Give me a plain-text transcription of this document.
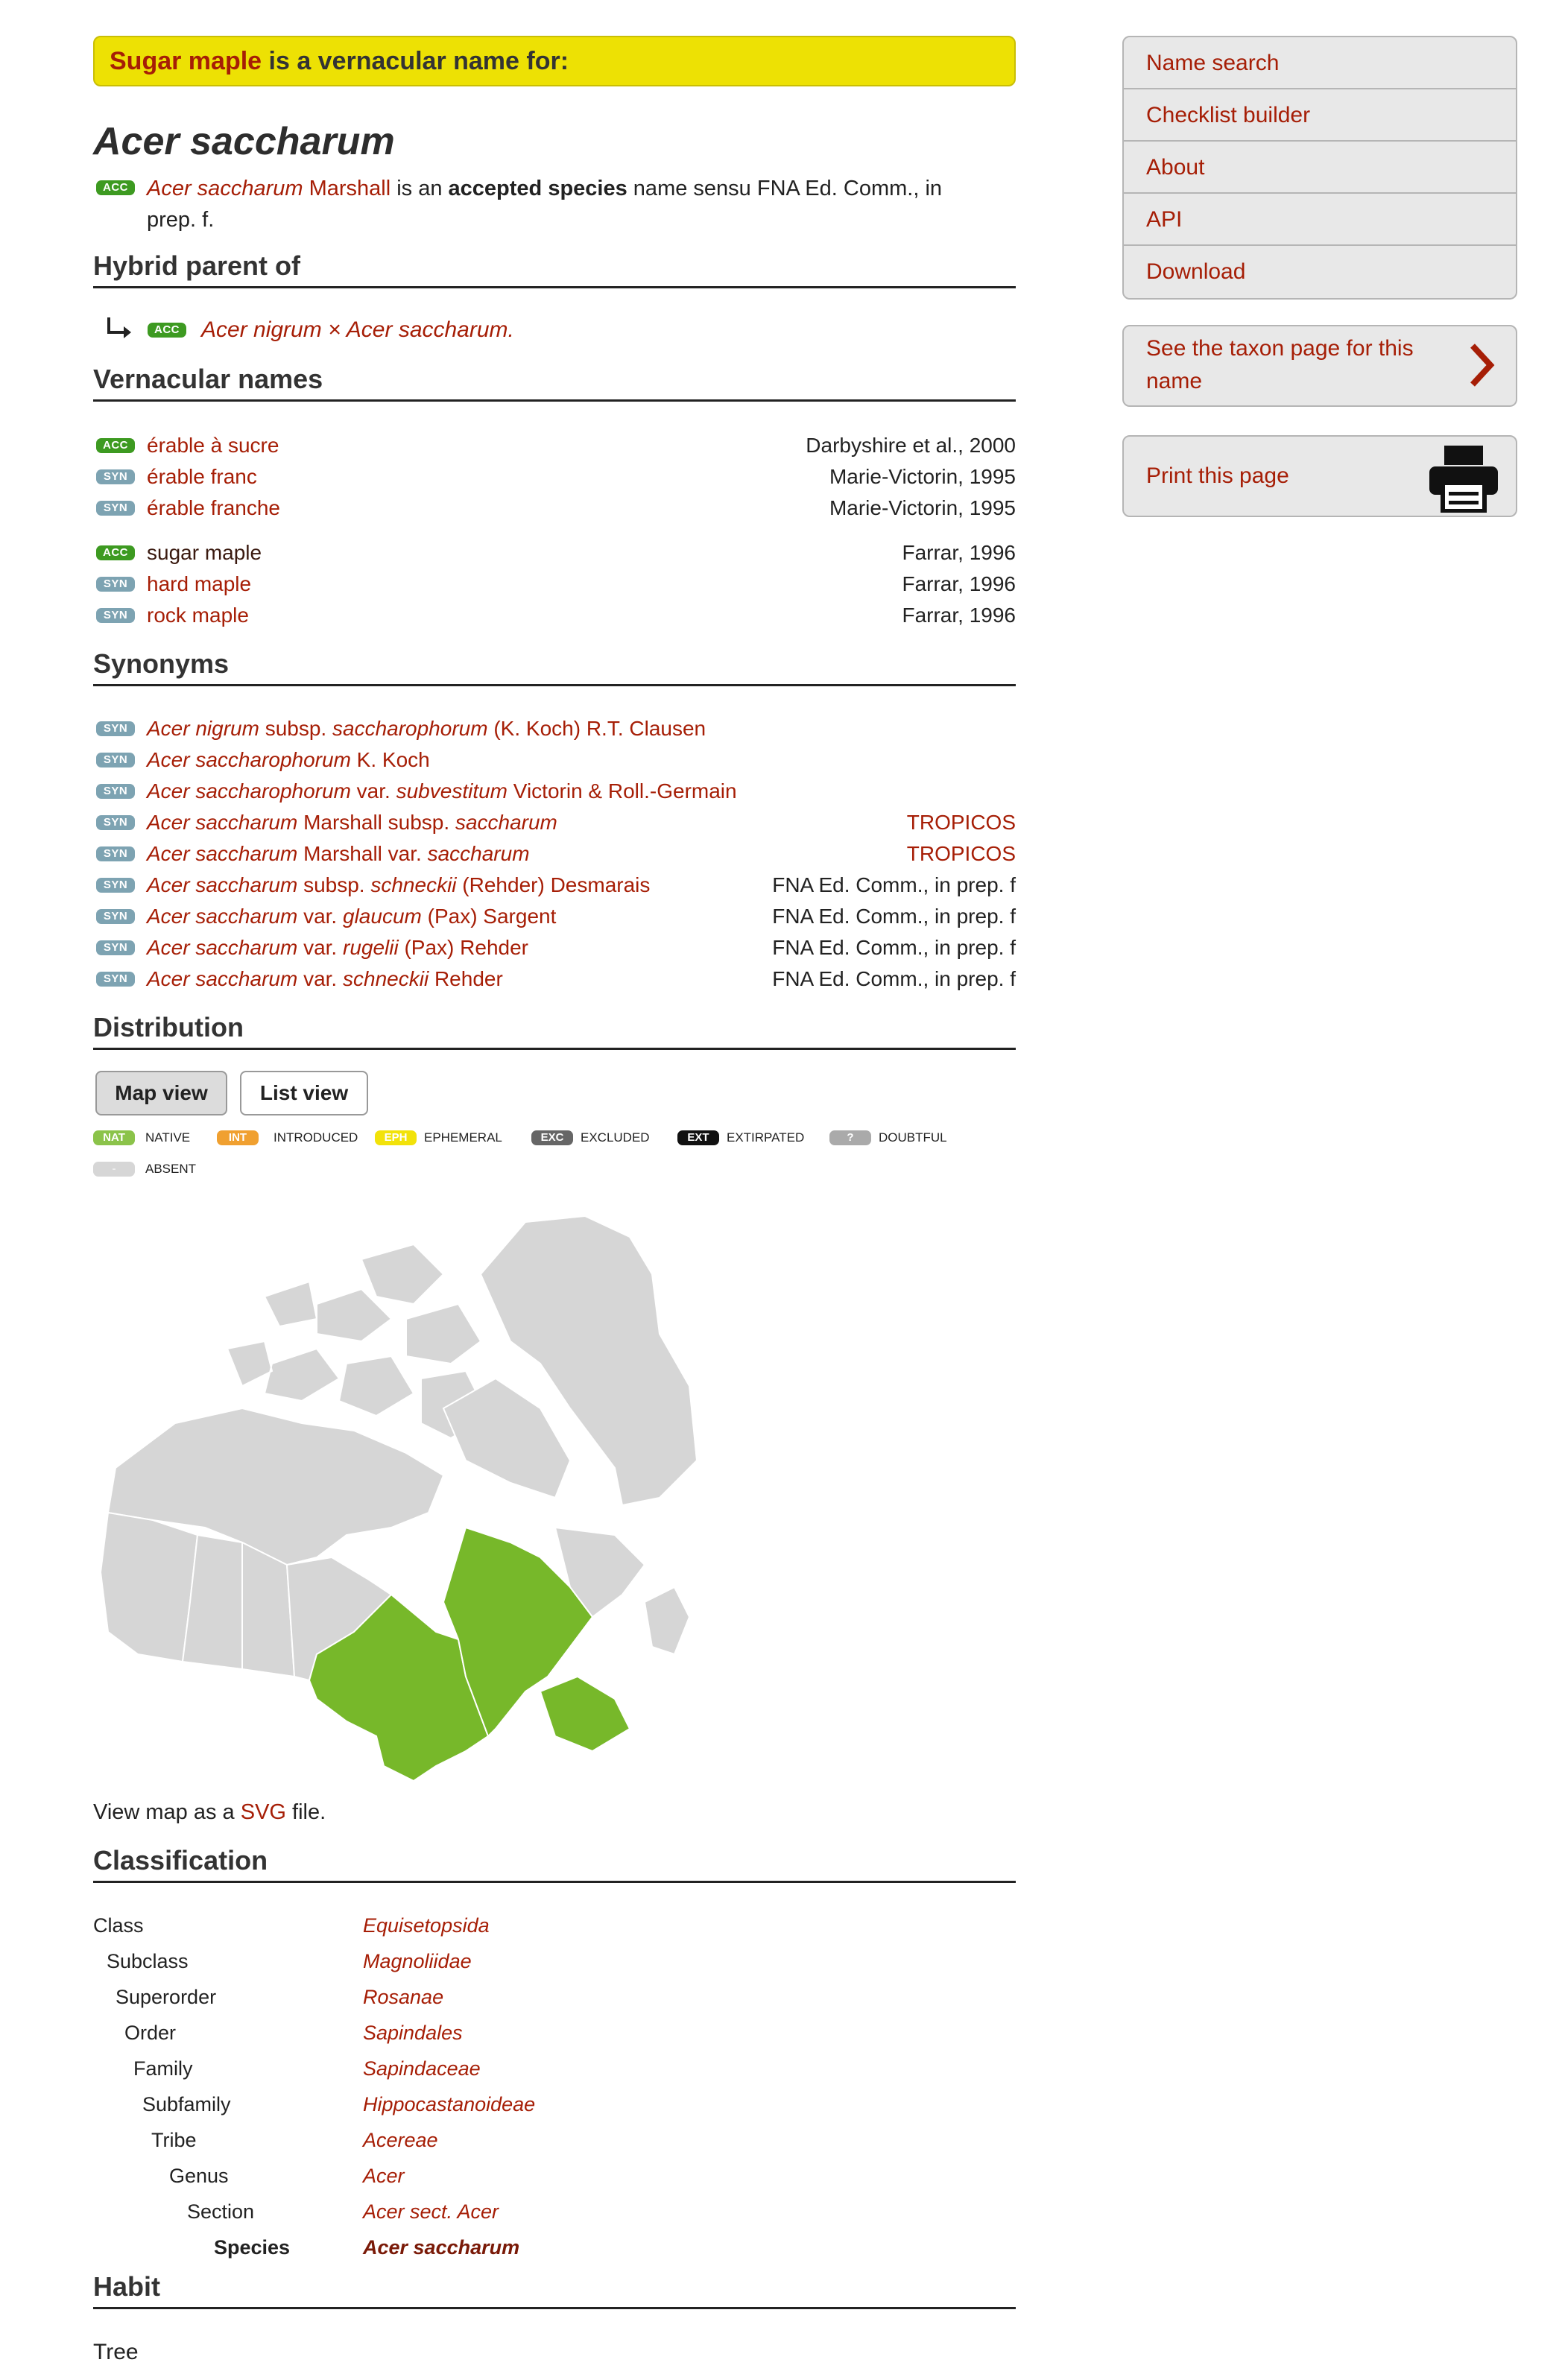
Sugar maple is a vernacular name for:
Acer saccharum
ACC Acer saccharum Marshall is an accepted species name sensu FNA Ed. Comm., in prep. f.
Hybrid parent of
ACC Acer nigrum × Acer saccharum.
Vernacular names
ACC érable à sucre	Darbyshire et al., 2000
SYN érable franc	Marie-Victorin, 1995
SYN érable franche	Marie-Victorin, 1995
ACC sugar maple	Farrar, 1996
SYN hard maple	Farrar, 1996
SYN rock maple	Farrar, 1996
Synonyms
SYN Acer nigrum subsp. saccharophorum (K. Koch) R.T. Clausen
SYN Acer saccharophorum K. Koch
SYN Acer saccharophorum var. subvestitum Victorin & Roll.-Germain
SYN Acer saccharum Marshall subsp. saccharum	TROPICOS
SYN Acer saccharum Marshall var. saccharum	TROPICOS
SYN Acer saccharum subsp. schneckii (Rehder) Desmarais	FNA Ed. Comm., in prep. f
SYN Acer saccharum var. glaucum (Pax) Sargent	FNA Ed. Comm., in prep. f
SYN Acer saccharum var. rugelii (Pax) Rehder	FNA Ed. Comm., in prep. f
SYN Acer saccharum var. schneckii Rehder	FNA Ed. Comm., in prep. f
Distribution
Map view	List view
NAT	NATIVE	INT	INTRODUCED	EPH	EPHEMERAL	EXC	EXCLUDED	EXT	EXTIRPATED	?	DOUBTFUL
-	ABSENT
View map as a SVG file.
Classification
Class	Equisetopsida
Subclass	Magnoliidae
Superorder	Rosanae
Order	Sapindales
Family	Sapindaceae
Subfamily	Hippocastanoideae
Tribe	Acereae
Genus	Acer
Section	Acer sect. Acer
Species	Acer saccharum
Habit
Tree
Name search
Checklist builder
About
API
Download
See the taxon page for this name
Print this page
